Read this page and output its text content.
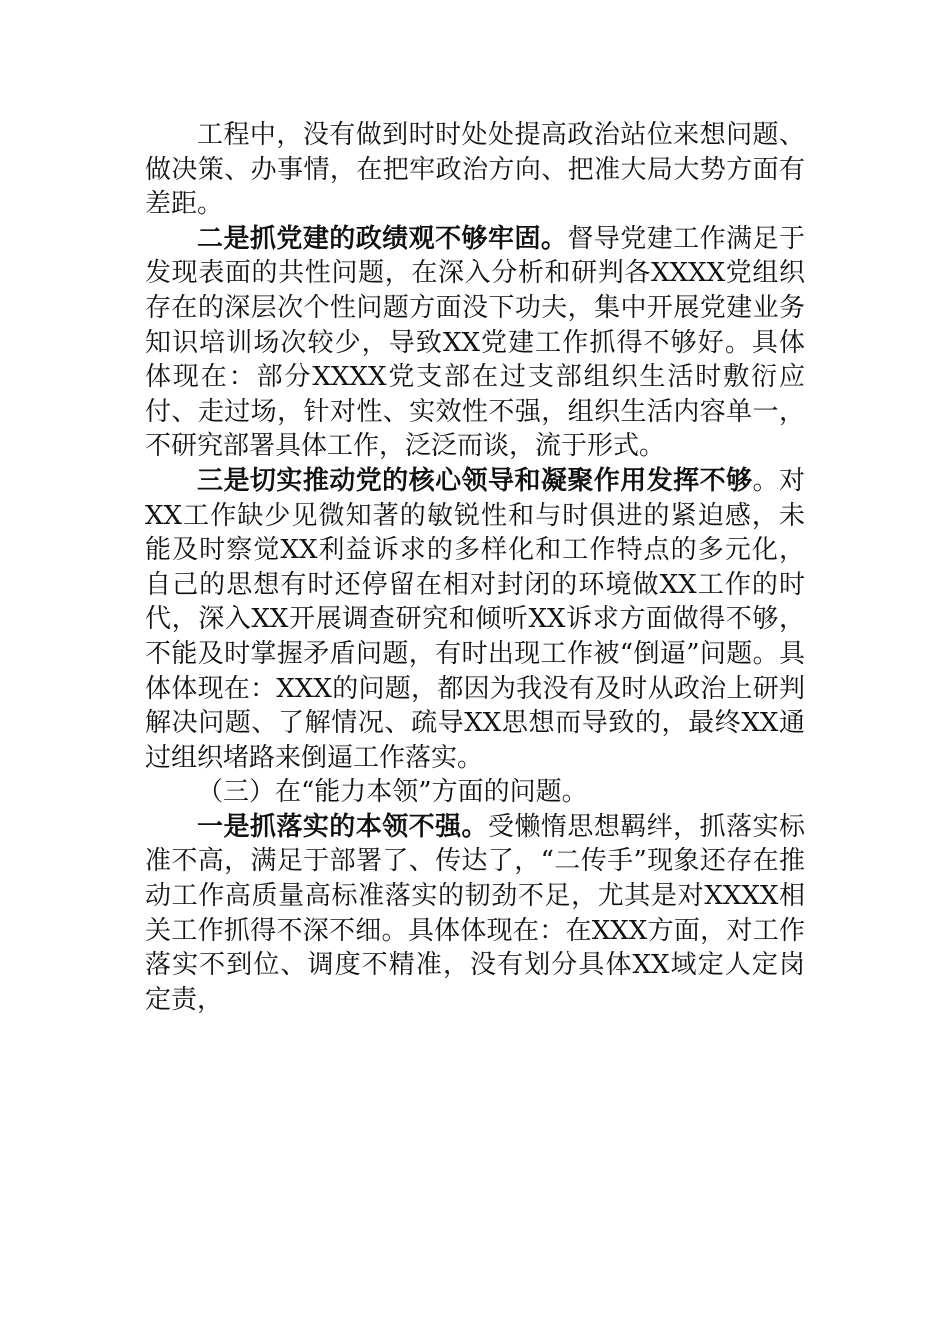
工程中，没有做到时时处处提高政治站位来想问题、做决策、办事情，在把牢政治方向、把准大局大势方面有差距。

二是抓党建的政绩观不够牢固。督导党建工作满足于发现表面的共性问题，在深入分析和研判各XXXX党组织存在的深层次个性问题方面没下功夫，集中开展党建业务知识培训场次较少，导致XX党建工作抓得不够好。具体体现在：部分XXXX党支部在过支部组织生活时敷衍应付、走过场，针对性、实效性不强，组织生活内容单一，不研究部署具体工作，泛泛而谈，流于形式。

三是切实推动党的核心领导和凝聚作用发挥不够。对XX工作缺少见微知著的敏锐性和与时俱进的紧迫感，未能及时察觉XX利益诉求的多样化和工作特点的多元化，自己的思想有时还停留在相对封闭的环境做XX工作的时代，深入XX开展调查研究和倾听XX诉求方面做得不够，不能及时掌握矛盾问题，有时出现工作被“倒逼”问题。具体体现在：XXX的问题，都因为我没有及时从政治上研判解决问题、了解情况、疏导XX思想而导致的，最终XX通过组织堵路来倒逼工作落实。

（三）在“能力本领”方面的问题。

一是抓落实的本领不强。受懒惰思想羁绊，抓落实标准不高，满足于部署了、传达了，“二传手”现象还存在推动工作高质量高标准落实的韧劲不足，尤其是对XXXX相关工作抓得不深不细。具体体现在：在XXX方面，对工作落实不到位、调度不精准，没有划分具体XX域定人定岗定责，
